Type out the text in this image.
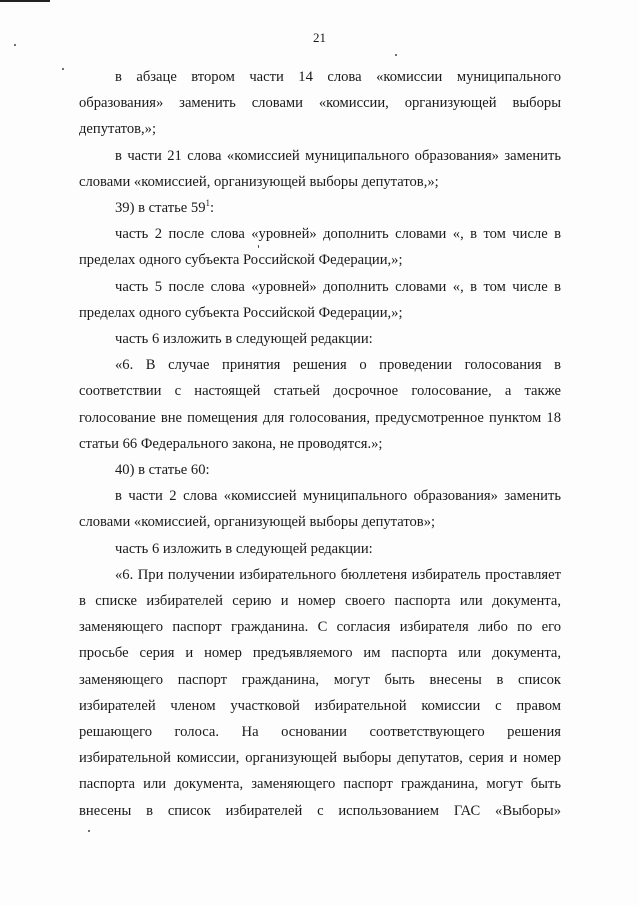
21

в абзаце втором части 14 слова «комиссии муниципального образования» заменить словами «комиссии, организующей выборы депутатов,»;

в части 21 слова «комиссией муниципального образования» заменить словами «комиссией, организующей выборы депутатов,»;

39) в статье $59^1$:

часть 2 после слова «уровней» дополнить словами «, в том числе в пределах одного субъекта Российской Федерации,»;

часть 5 после слова «уровней» дополнить словами «, в том числе в пределах одного субъекта Российской Федерации,»;

часть 6 изложить в следующей редакции:

«6. В случае принятия решения о проведении голосования в соответствии с настоящей статьей досрочное голосование, а также голосование вне помещения для голосования, предусмотренное пунктом 18 статьи 66 Федерального закона, не проводятся.»;

40) в статье 60:

в части 2 слова «комиссией муниципального образования» заменить словами «комиссией, организующей выборы депутатов»;

часть 6 изложить в следующей редакции:

«6. При получении избирательного бюллетеня избиратель проставляет в списке избирателей серию и номер своего паспорта или документа, заменяющего паспорт гражданина. С согласия избирателя либо по его просьбе серия и номер предъявляемого им паспорта или документа, заменяющего паспорт гражданина, могут быть внесены в список избирателей членом участковой избирательной комиссии с правом решающего голоса. На основании соответствующего решения избирательной комиссии, организующей выборы депутатов, серия и номер паспорта или документа, заменяющего паспорт гражданина, могут быть внесены в список избирателей с использованием ГАС «Выборы»
